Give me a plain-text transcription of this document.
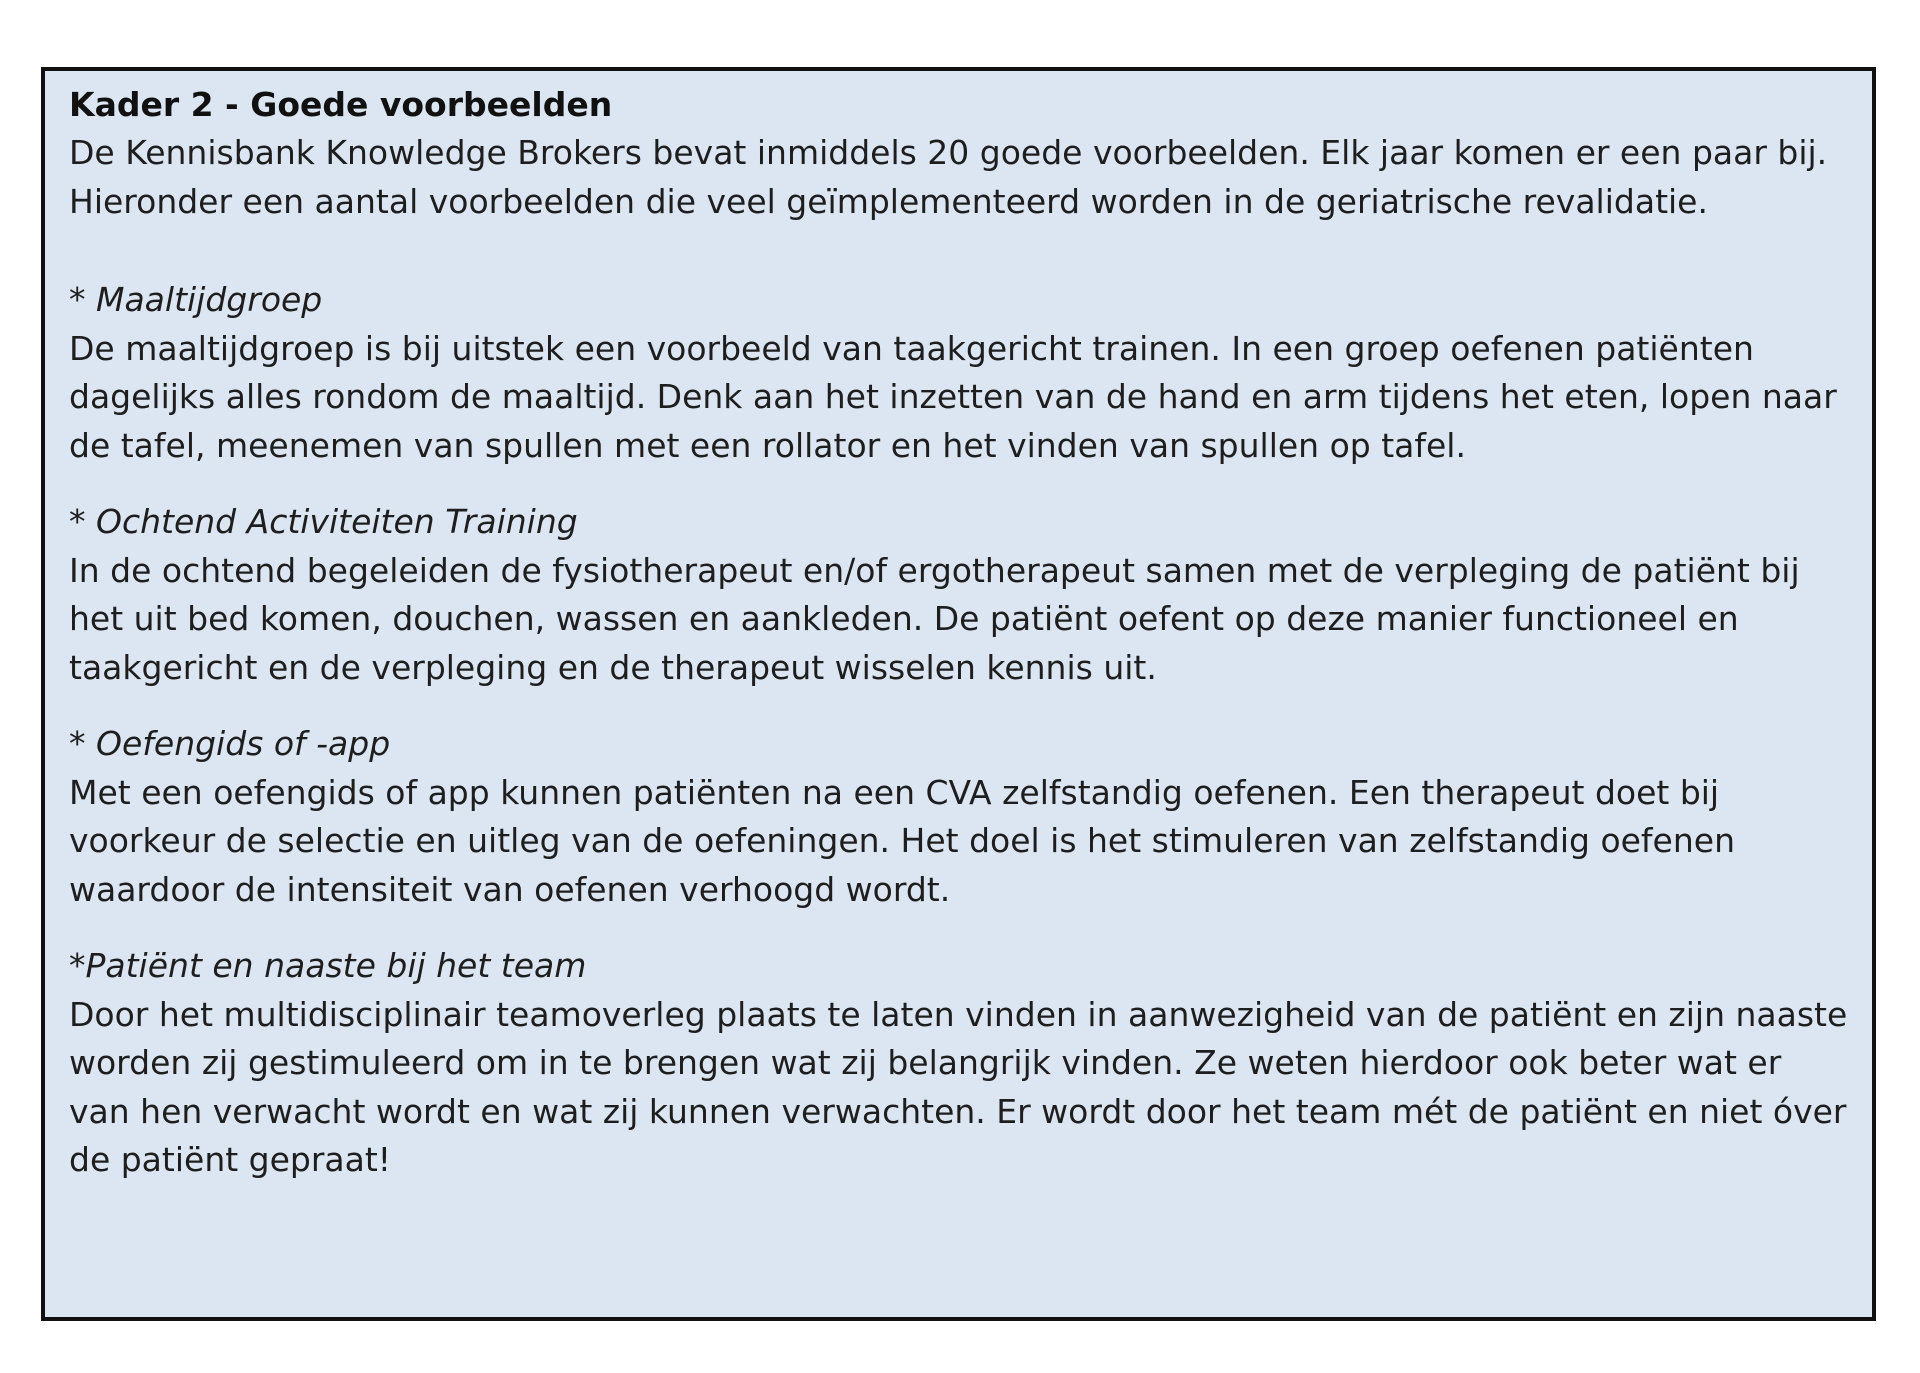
Kader 2 - Goede voorbeelden

De Kennisbank Knowledge Brokers bevat inmiddels 20 goede voorbeelden. Elk jaar komen er een paar bij. Hieronder een aantal voorbeelden die veel geïmplementeerd worden in de geriatrische revalidatie.

* Maaltijdgroep

De maaltijdgroep is bij uitstek een voorbeeld van taakgericht trainen. In een groep oefenen patiënten dagelijks alles rondom de maaltijd. Denk aan het inzetten van de hand en arm tijdens het eten, lopen naar de tafel, meenemen van spullen met een rollator en het vinden van spullen op tafel.

* Ochtend Activiteiten Training

In de ochtend begeleiden de fysiotherapeut en/of ergotherapeut samen met de verpleging de patiënt bij het uit bed komen, douchen, wassen en aankleden. De patiënt oefent op deze manier functioneel en taakgericht en de verpleging en de therapeut wisselen kennis uit.

* Oefengids of -app

Met een oefengids of app kunnen patiënten na een CVA zelfstandig oefenen. Een therapeut doet bij voorkeur de selectie en uitleg van de oefeningen. Het doel is het stimuleren van zelfstandig oefenen waardoor de intensiteit van oefenen verhoogd wordt.

*Patiënt en naaste bij het team

Door het multidisciplinair teamoverleg plaats te laten vinden in aanwezigheid van de patiënt en zijn naaste worden zij gestimuleerd om in te brengen wat zij belangrijk vinden. Ze weten hierdoor ook beter wat er van hen verwacht wordt en wat zij kunnen verwachten. Er wordt door het team mét de patiënt en niet óver de patiënt gepraat!
